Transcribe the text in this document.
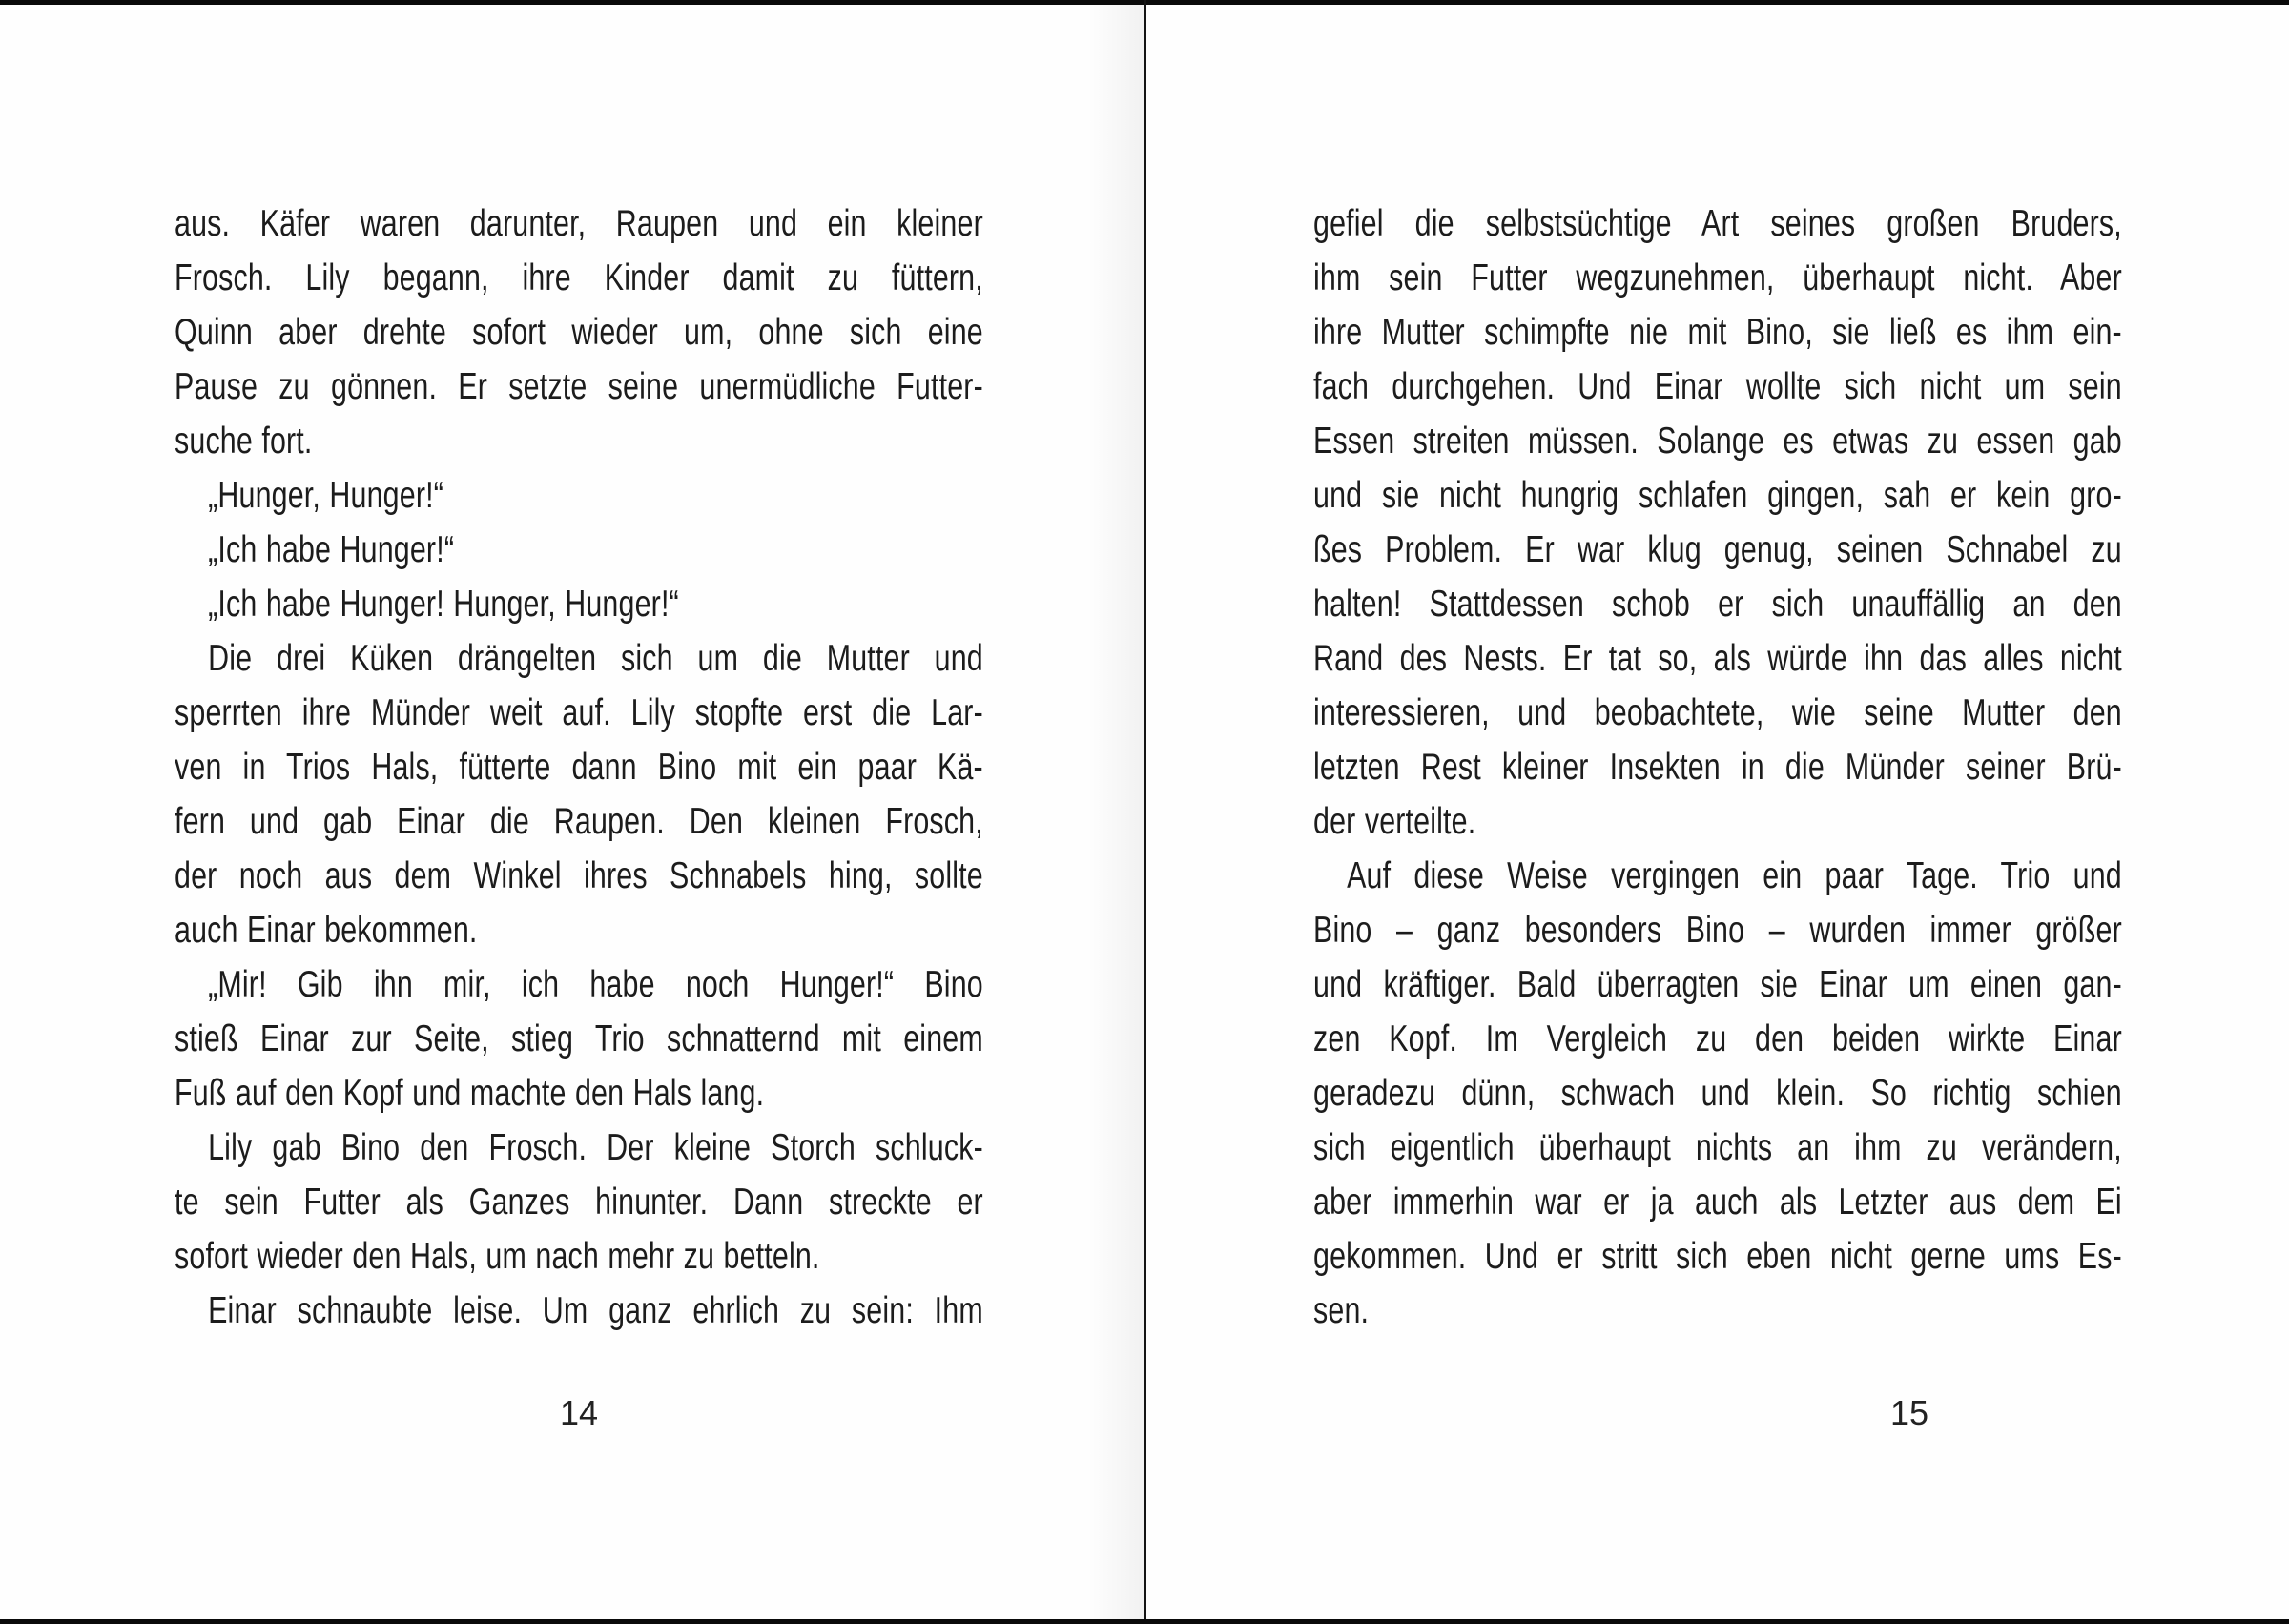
aus. Käfer waren darunter, Raupen und ein kleiner
Frosch. Lily begann, ihre Kinder damit zu füttern,
Quinn aber drehte sofort wieder um, ohne sich eine
Pause zu gönnen. Er setzte seine unermüdliche Futter-
suche fort.
„Hunger, Hunger!“
„Ich habe Hunger!“
„Ich habe Hunger! Hunger, Hunger!“
Die drei Küken drängelten sich um die Mutter und
sperrten ihre Münder weit auf. Lily stopfte erst die Lar-
ven in Trios Hals, fütterte dann Bino mit ein paar Kä-
fern und gab Einar die Raupen. Den kleinen Frosch,
der noch aus dem Winkel ihres Schnabels hing, sollte
auch Einar bekommen.
„Mir! Gib ihn mir, ich habe noch Hunger!“ Bino
stieß Einar zur Seite, stieg Trio schnatternd mit einem
Fuß auf den Kopf und machte den Hals lang.
Lily gab Bino den Frosch. Der kleine Storch schluck-
te sein Futter als Ganzes hinunter. Dann streckte er
sofort wieder den Hals, um nach mehr zu betteln.
Einar schnaubte leise. Um ganz ehrlich zu sein: Ihm
14
gefiel die selbstsüchtige Art seines großen Bruders,
ihm sein Futter wegzunehmen, überhaupt nicht. Aber
ihre Mutter schimpfte nie mit Bino, sie ließ es ihm ein-
fach durchgehen. Und Einar wollte sich nicht um sein
Essen streiten müssen. Solange es etwas zu essen gab
und sie nicht hungrig schlafen gingen, sah er kein gro-
ßes Problem. Er war klug genug, seinen Schnabel zu
halten! Stattdessen schob er sich unauffällig an den
Rand des Nests. Er tat so, als würde ihn das alles nicht
interessieren, und beobachtete, wie seine Mutter den
letzten Rest kleiner Insekten in die Münder seiner Brü-
der verteilte.
Auf diese Weise vergingen ein paar Tage. Trio und
Bino – ganz besonders Bino – wurden immer größer
und kräftiger. Bald überragten sie Einar um einen gan-
zen Kopf. Im Vergleich zu den beiden wirkte Einar
geradezu dünn, schwach und klein. So richtig schien
sich eigentlich überhaupt nichts an ihm zu verändern,
aber immerhin war er ja auch als Letzter aus dem Ei
gekommen. Und er stritt sich eben nicht gerne ums Es-
sen.
15
